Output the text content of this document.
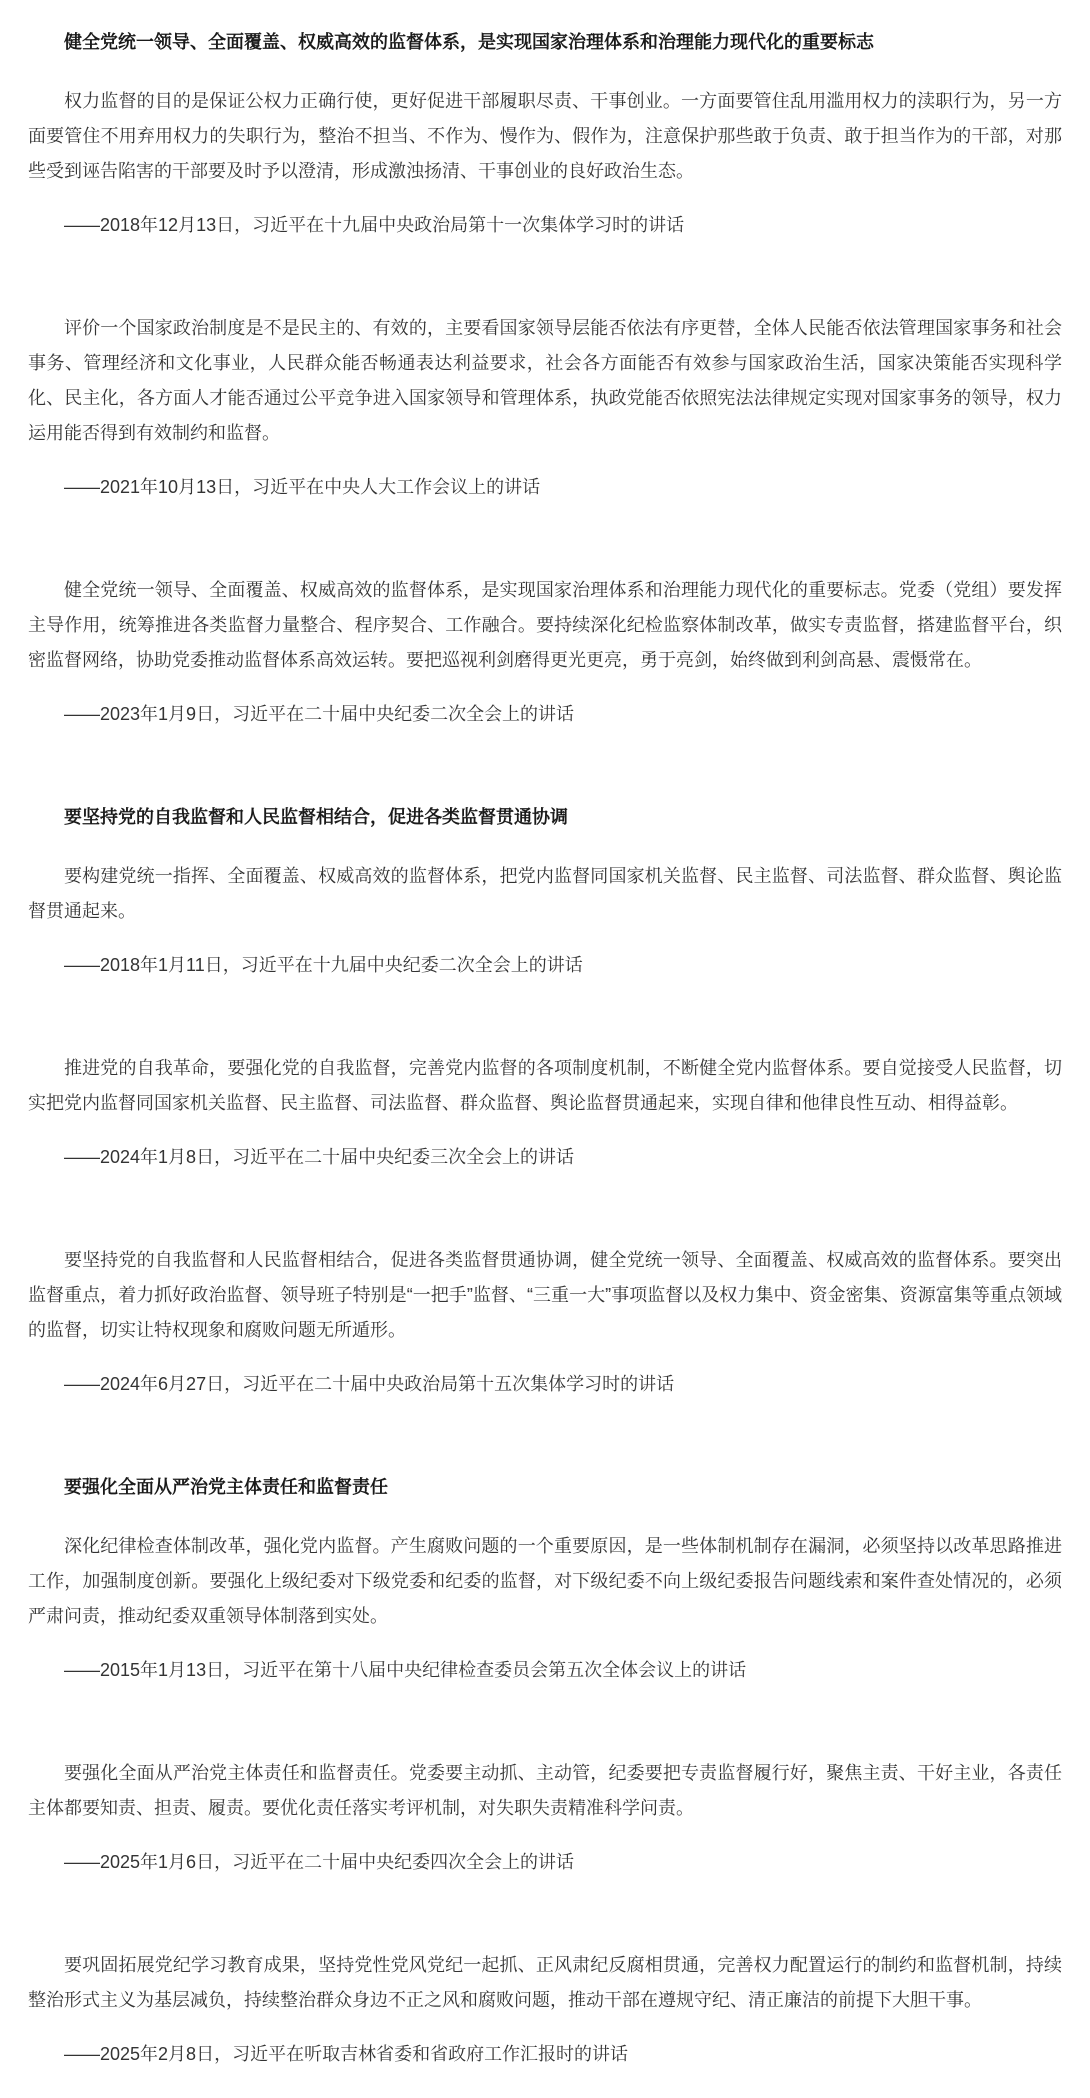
健全党统一领导、全面覆盖、权威高效的监督体系，是实现国家治理体系和治理能力现代化的重要标志

权力监督的目的是保证公权力正确行使，更好促进干部履职尽责、干事创业。一方面要管住乱用滥用权力的渎职行为，另一方面要管住不用弃用权力的失职行为，整治不担当、不作为、慢作为、假作为，注意保护那些敢于负责、敢于担当作为的干部，对那些受到诬告陷害的干部要及时予以澄清，形成激浊扬清、干事创业的良好政治生态。

——2018年12月13日，习近平在十九届中央政治局第十一次集体学习时的讲话

评价一个国家政治制度是不是民主的、有效的，主要看国家领导层能否依法有序更替，全体人民能否依法管理国家事务和社会事务、管理经济和文化事业，人民群众能否畅通表达利益要求，社会各方面能否有效参与国家政治生活，国家决策能否实现科学化、民主化，各方面人才能否通过公平竞争进入国家领导和管理体系，执政党能否依照宪法法律规定实现对国家事务的领导，权力运用能否得到有效制约和监督。

——2021年10月13日，习近平在中央人大工作会议上的讲话

健全党统一领导、全面覆盖、权威高效的监督体系，是实现国家治理体系和治理能力现代化的重要标志。党委（党组）要发挥主导作用，统筹推进各类监督力量整合、程序契合、工作融合。要持续深化纪检监察体制改革，做实专责监督，搭建监督平台，织密监督网络，协助党委推动监督体系高效运转。要把巡视利剑磨得更光更亮，勇于亮剑，始终做到利剑高悬、震慑常在。

——2023年1月9日，习近平在二十届中央纪委二次全会上的讲话

要坚持党的自我监督和人民监督相结合，促进各类监督贯通协调

要构建党统一指挥、全面覆盖、权威高效的监督体系，把党内监督同国家机关监督、民主监督、司法监督、群众监督、舆论监督贯通起来。

——2018年1月11日，习近平在十九届中央纪委二次全会上的讲话

推进党的自我革命，要强化党的自我监督，完善党内监督的各项制度机制，不断健全党内监督体系。要自觉接受人民监督，切实把党内监督同国家机关监督、民主监督、司法监督、群众监督、舆论监督贯通起来，实现自律和他律良性互动、相得益彰。

——2024年1月8日，习近平在二十届中央纪委三次全会上的讲话

要坚持党的自我监督和人民监督相结合，促进各类监督贯通协调，健全党统一领导、全面覆盖、权威高效的监督体系。要突出监督重点，着力抓好政治监督、领导班子特别是“一把手”监督、“三重一大”事项监督以及权力集中、资金密集、资源富集等重点领域的监督，切实让特权现象和腐败问题无所遁形。

——2024年6月27日，习近平在二十届中央政治局第十五次集体学习时的讲话

要强化全面从严治党主体责任和监督责任

深化纪律检查体制改革，强化党内监督。产生腐败问题的一个重要原因，是一些体制机制存在漏洞，必须坚持以改革思路推进工作，加强制度创新。要强化上级纪委对下级党委和纪委的监督，对下级纪委不向上级纪委报告问题线索和案件查处情况的，必须严肃问责，推动纪委双重领导体制落到实处。

——2015年1月13日，习近平在第十八届中央纪律检查委员会第五次全体会议上的讲话

要强化全面从严治党主体责任和监督责任。党委要主动抓、主动管，纪委要把专责监督履行好，聚焦主责、干好主业，各责任主体都要知责、担责、履责。要优化责任落实考评机制，对失职失责精准科学问责。

——2025年1月6日，习近平在二十届中央纪委四次全会上的讲话

要巩固拓展党纪学习教育成果，坚持党性党风党纪一起抓、正风肃纪反腐相贯通，完善权力配置运行的制约和监督机制，持续整治形式主义为基层减负，持续整治群众身边不正之风和腐败问题，推动干部在遵规守纪、清正廉洁的前提下大胆干事。

——2025年2月8日，习近平在听取吉林省委和省政府工作汇报时的讲话
